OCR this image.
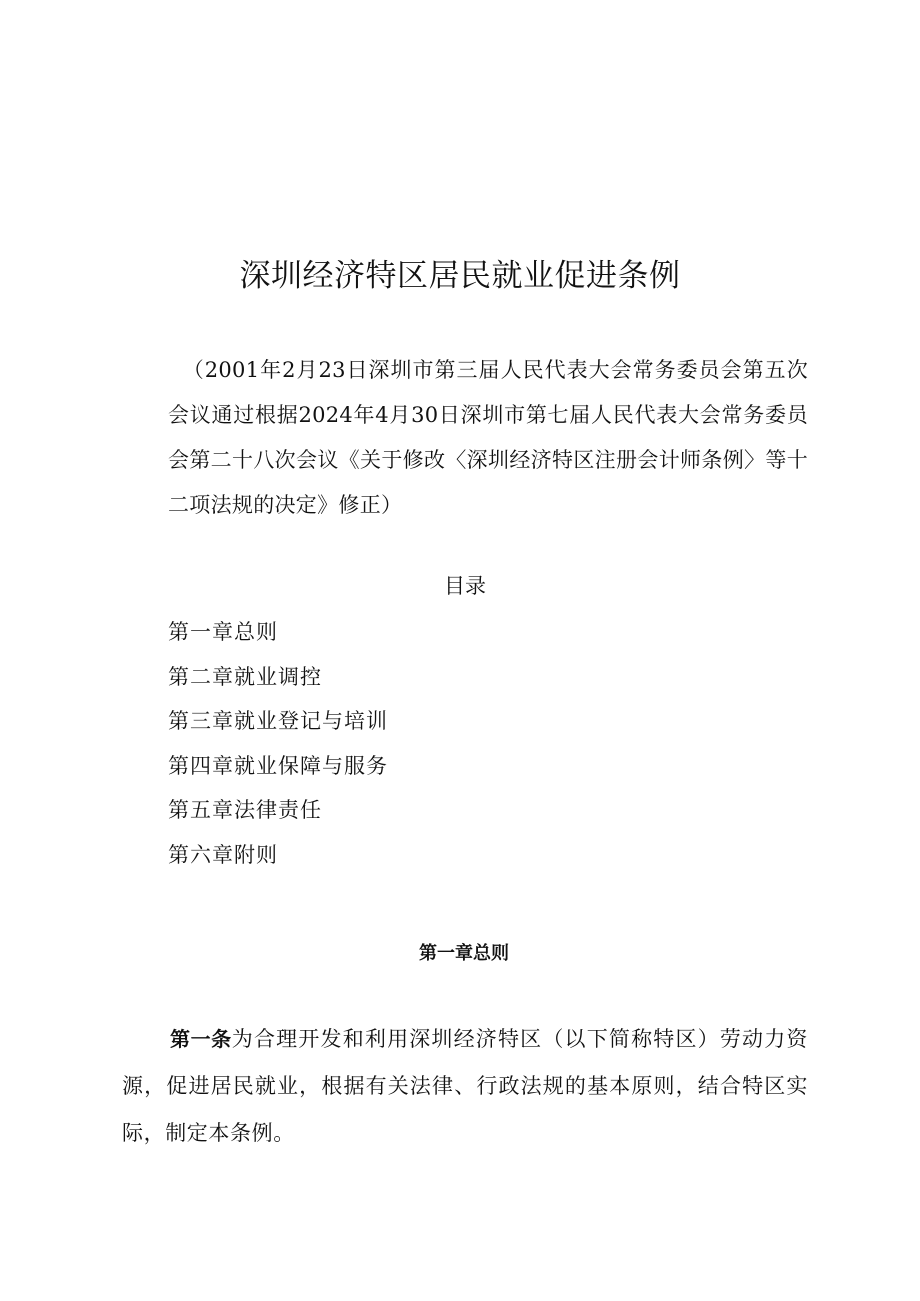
深圳经济特区居民就业促进条例

（2001年2月23日深圳市第三届人民代表大会常务委员会第五次会议通过根据2024年4月30日深圳市第七届人民代表大会常务委员会第二十八次会议《关于修改〈深圳经济特区注册会计师条例〉等十二项法规的决定》修正）

目录
第一章总则
第二章就业调控
第三章就业登记与培训
第四章就业保障与服务
第五章法律责任
第六章附则
第一章总则

第一条为合理开发和利用深圳经济特区（以下简称特区）劳动力资源，促进居民就业，根据有关法律、行政法规的基本原则，结合特区实际，制定本条例。
